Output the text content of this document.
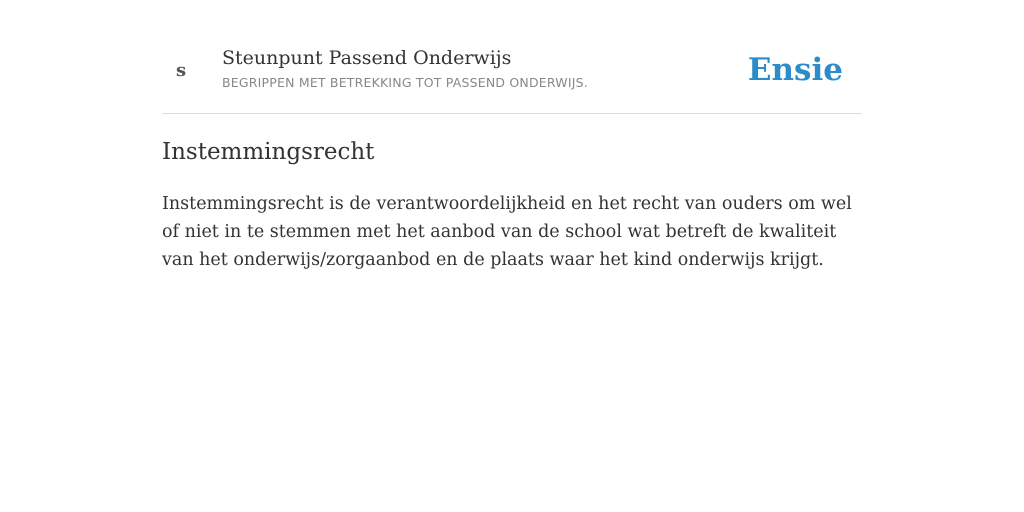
s
Steunpunt Passend Onderwijs
BEGRIPPEN MET BETREKKING TOT PASSEND ONDERWIJS.	Ensie
Instemmingsrecht

Instemmingsrecht is de verantwoordelijkheid en het recht van ouders om wel of niet in te stemmen met het aanbod van de school wat betreft de kwaliteit van het onderwijs/zorgaanbod en de plaats waar het kind onderwijs krijgt.
